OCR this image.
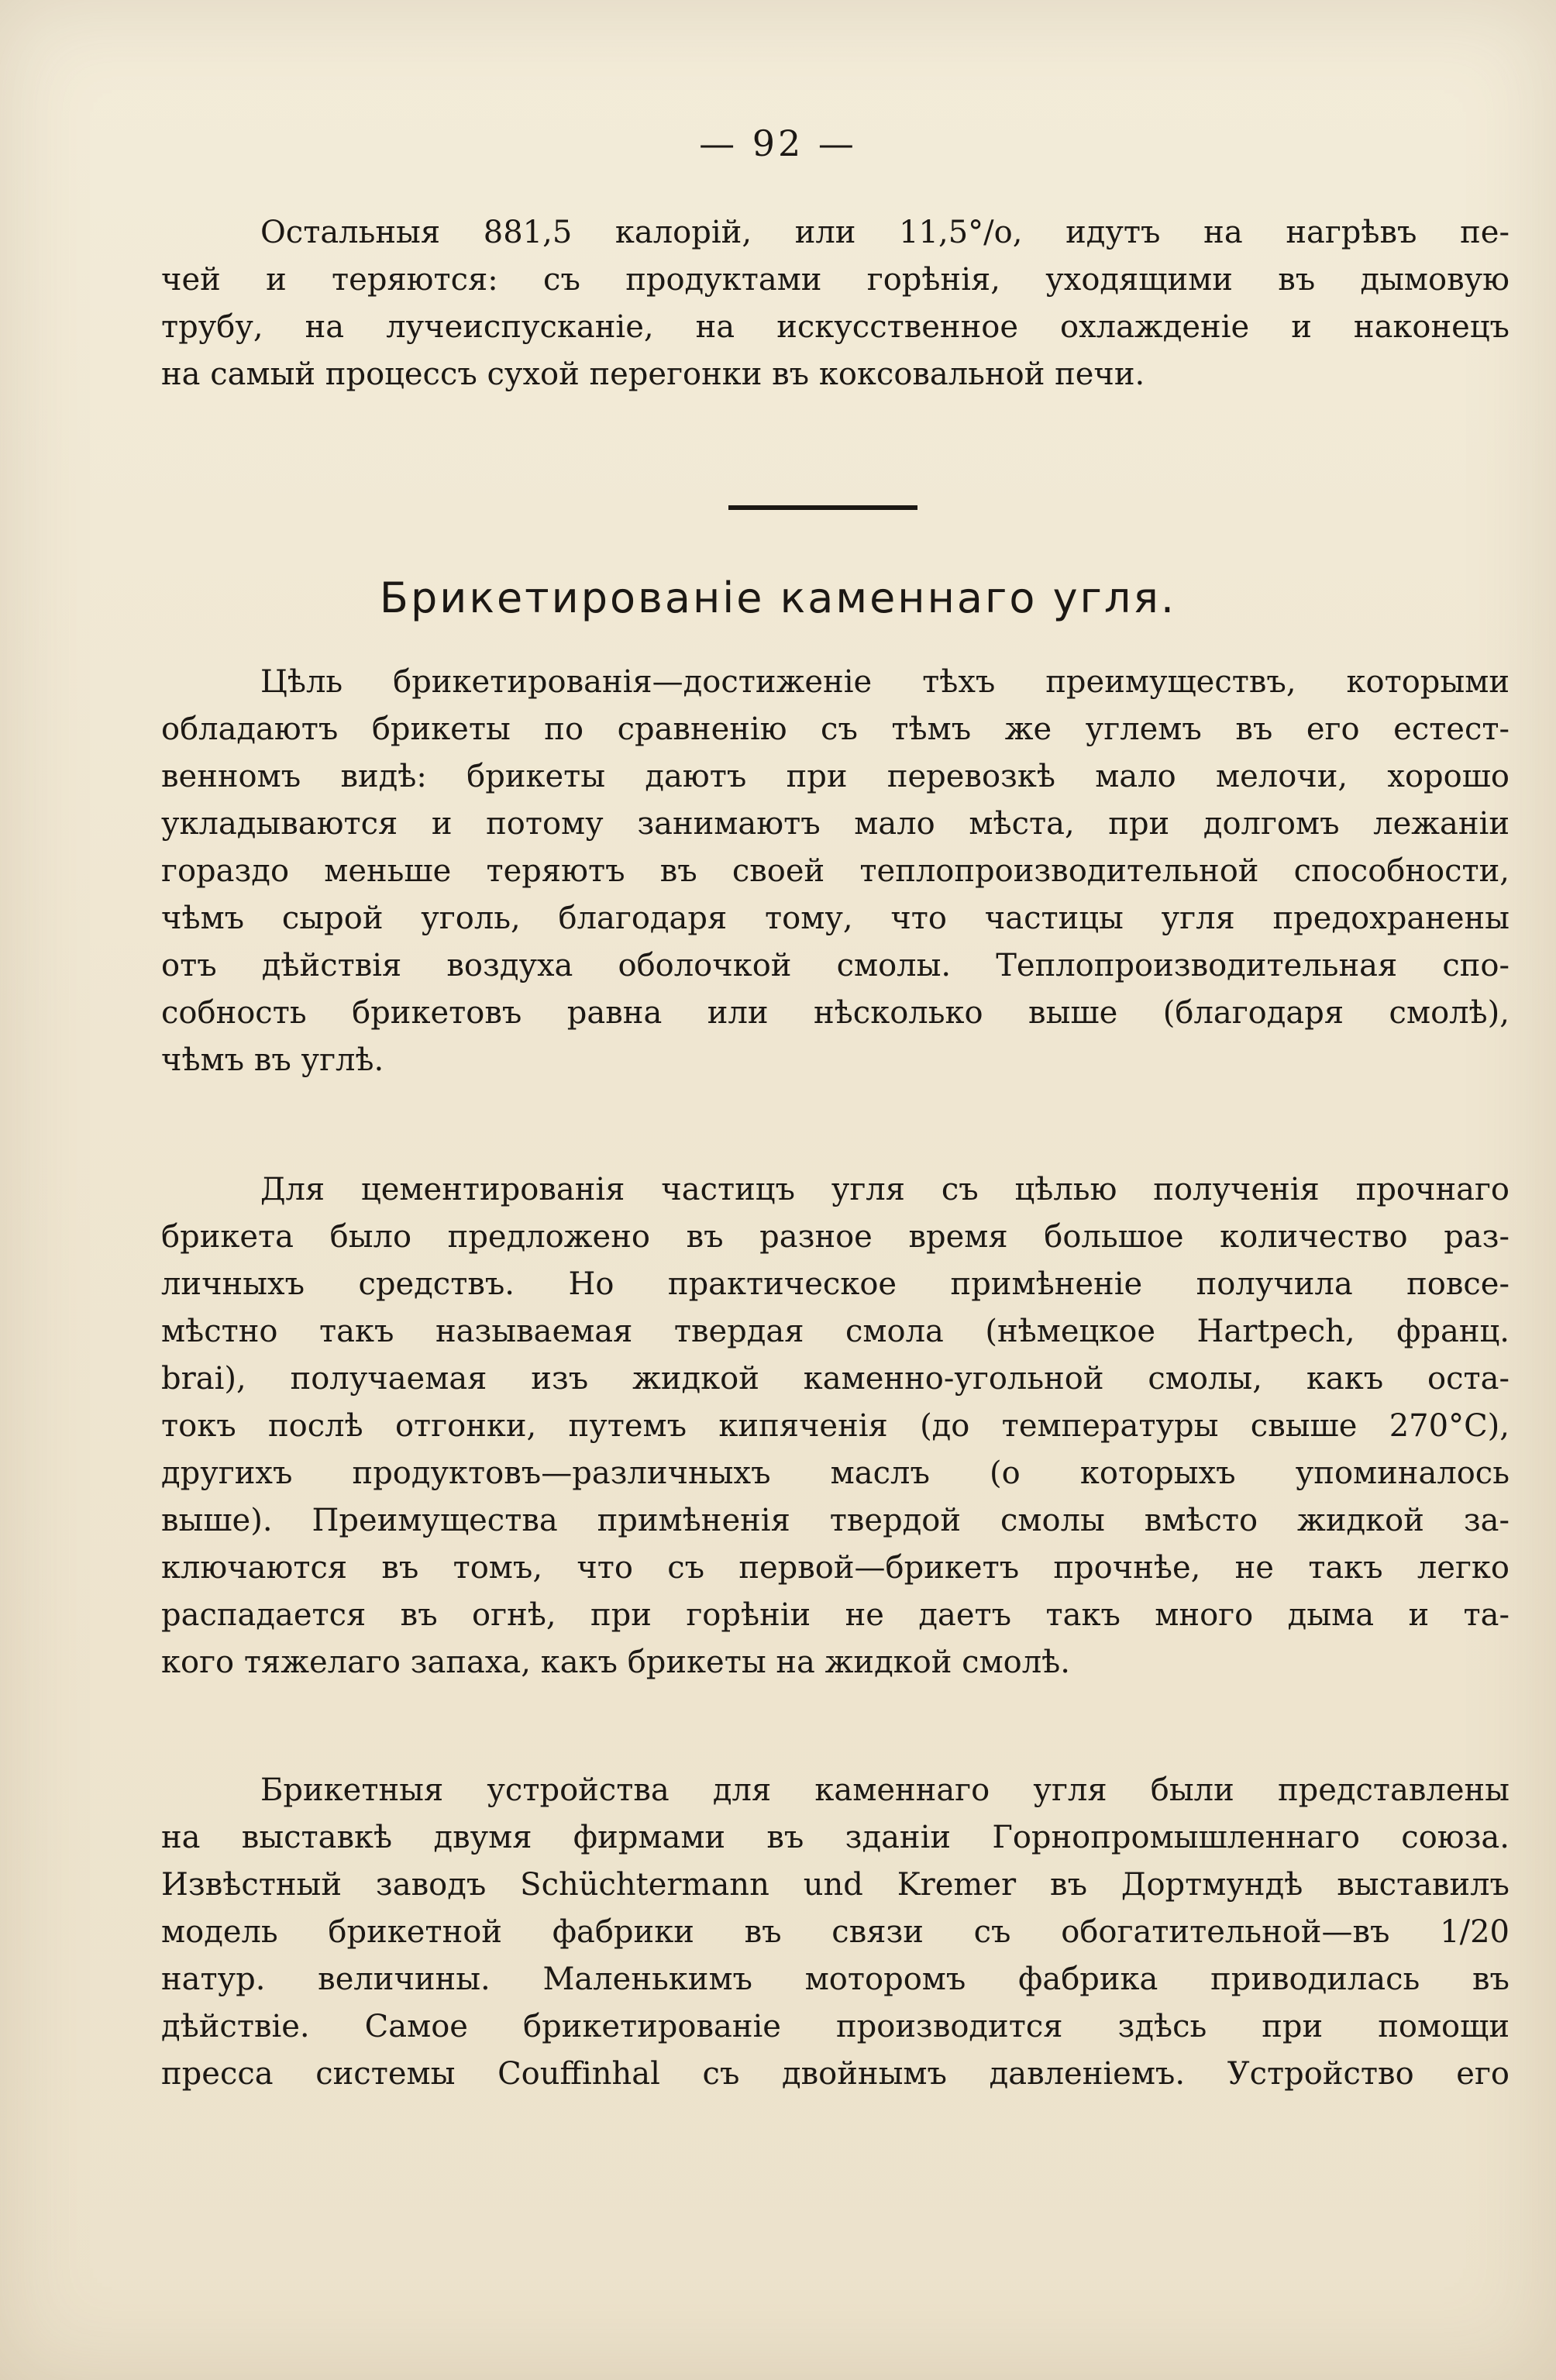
— 92 —

Остальныя 881,5 калорій, или 11,5°/о, идутъ на нагрѣвъ пе-
чей и теряются: съ продуктами горѣнія, уходящими въ дымовую
трубу, на лучеиспусканіе, на искусственное охлажденіе и наконецъ
на самый процессъ сухой перегонки въ коксовальной печи.

Брикетированіе каменнаго угля.

Цѣль брикетированія—достиженіе тѣхъ преимуществъ, которыми
обладаютъ брикеты по сравненію съ тѣмъ же углемъ въ его естест-
венномъ видѣ: брикеты даютъ при перевозкѣ мало мелочи, хорошо
укладываются и потому занимаютъ мало мѣста, при долгомъ лежаніи
гораздо меньше теряютъ въ своей теплопроизводительной способности,
чѣмъ сырой уголь, благодаря тому, что частицы угля предохранены
отъ дѣйствія воздуха оболочкой смолы. Теплопроизводительная спо-
собность брикетовъ равна или нѣсколько выше (благодаря смолѣ),
чѣмъ въ углѣ.

Для цементированія частицъ угля съ цѣлью полученія прочнаго
брикета было предложено въ разное время большое количество раз-
личныхъ средствъ. Но практическое примѣненіе получила повсе-
мѣстно такъ называемая твердая смола (нѣмецкое Hartpech, франц.
brai), получаемая изъ жидкой каменно-угольной смолы, какъ оста-
токъ послѣ отгонки, путемъ кипяченія (до температуры свыше 270°C),
другихъ продуктовъ—различныхъ маслъ (о которыхъ упоминалось
выше). Преимущества примѣненія твердой смолы вмѣсто жидкой за-
ключаются въ томъ, что съ первой—брикетъ прочнѣе, не такъ легко
распадается въ огнѣ, при горѣніи не даетъ такъ много дыма и та-
кого тяжелаго запаха, какъ брикеты на жидкой смолѣ.

Брикетныя устройства для каменнаго угля были представлены
на выставкѣ двумя фирмами въ зданіи Горнопромышленнаго союза.
Извѣстный заводъ Schüchtermann und Kremer въ Дортмундѣ выставилъ
модель брикетной фабрики въ связи съ обогатительной—въ 1/20
натур. величины. Маленькимъ моторомъ фабрика приводилась въ
дѣйствіе. Самое брикетированіе производится здѣсь при помощи
пресса системы Couffinhal съ двойнымъ давленіемъ. Устройство его
